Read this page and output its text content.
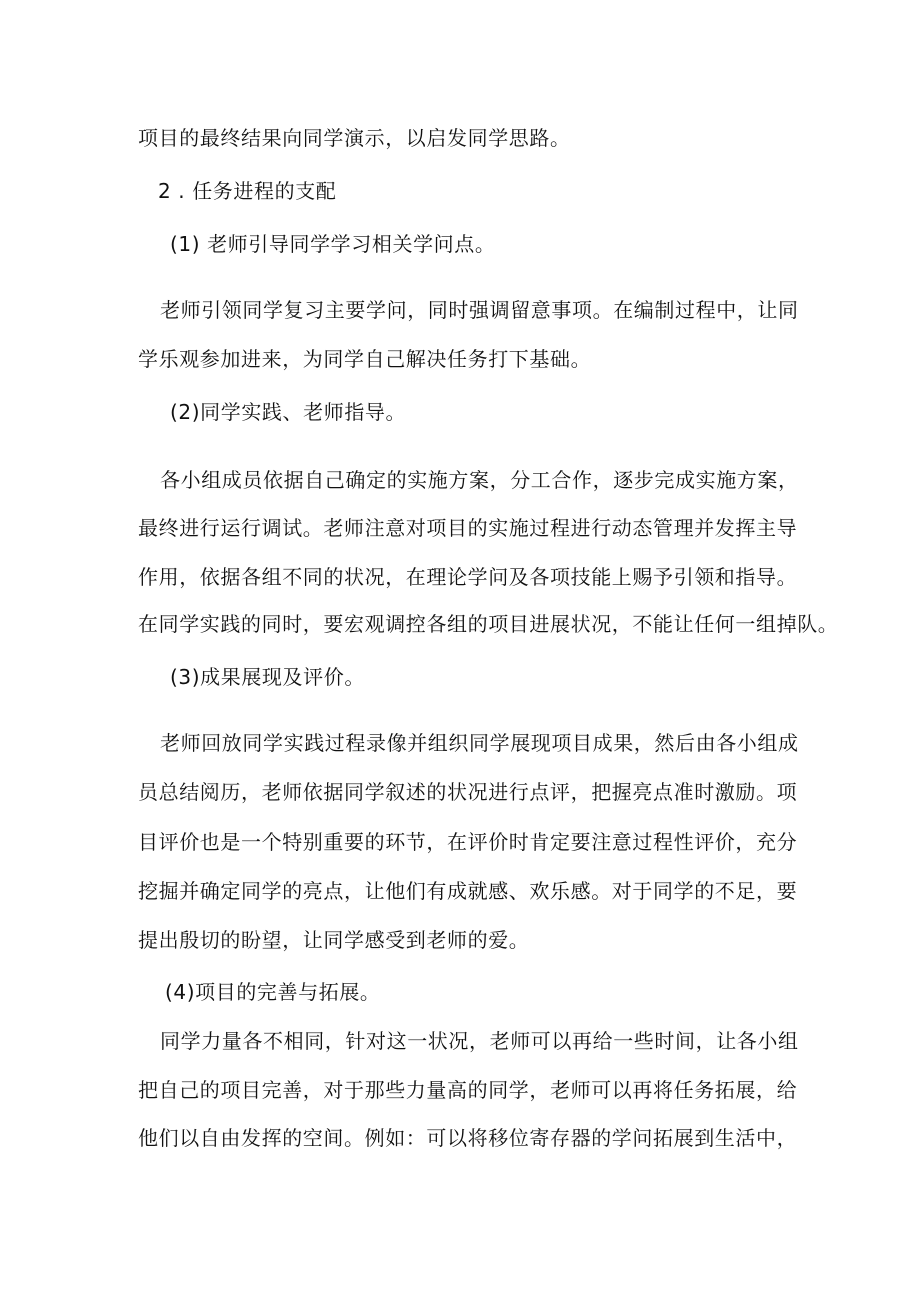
项目的最终结果向同学演示，以启发同学思路。
2 . 任务进程的支配
(1) 老师引导同学学习相关学问点。
老师引领同学复习主要学问，同时强调留意事项。在编制过程中，让同
学乐观参加进来，为同学自己解决任务打下基础。
(2)同学实践、老师指导。
各小组成员依据自己确定的实施方案，分工合作，逐步完成实施方案，
最终进行运行调试。老师注意对项目的实施过程进行动态管理并发挥主导
作用，依据各组不同的状况，在理论学问及各项技能上赐予引领和指导。
在同学实践的同时，要宏观调控各组的项目进展状况，不能让任何一组掉队。
(3)成果展现及评价。
老师回放同学实践过程录像并组织同学展现项目成果，然后由各小组成
员总结阅历，老师依据同学叙述的状况进行点评，把握亮点准时激励。项
目评价也是一个特别重要的环节，在评价时肯定要注意过程性评价，充分
挖掘并确定同学的亮点，让他们有成就感、欢乐感。对于同学的不足，要
提出殷切的盼望，让同学感受到老师的爱。
(4)项目的完善与拓展。
同学力量各不相同，针对这一状况，老师可以再给一些时间，让各小组
把自己的项目完善，对于那些力量高的同学，老师可以再将任务拓展，给
他们以自由发挥的空间。例如：可以将移位寄存器的学问拓展到生活中，
